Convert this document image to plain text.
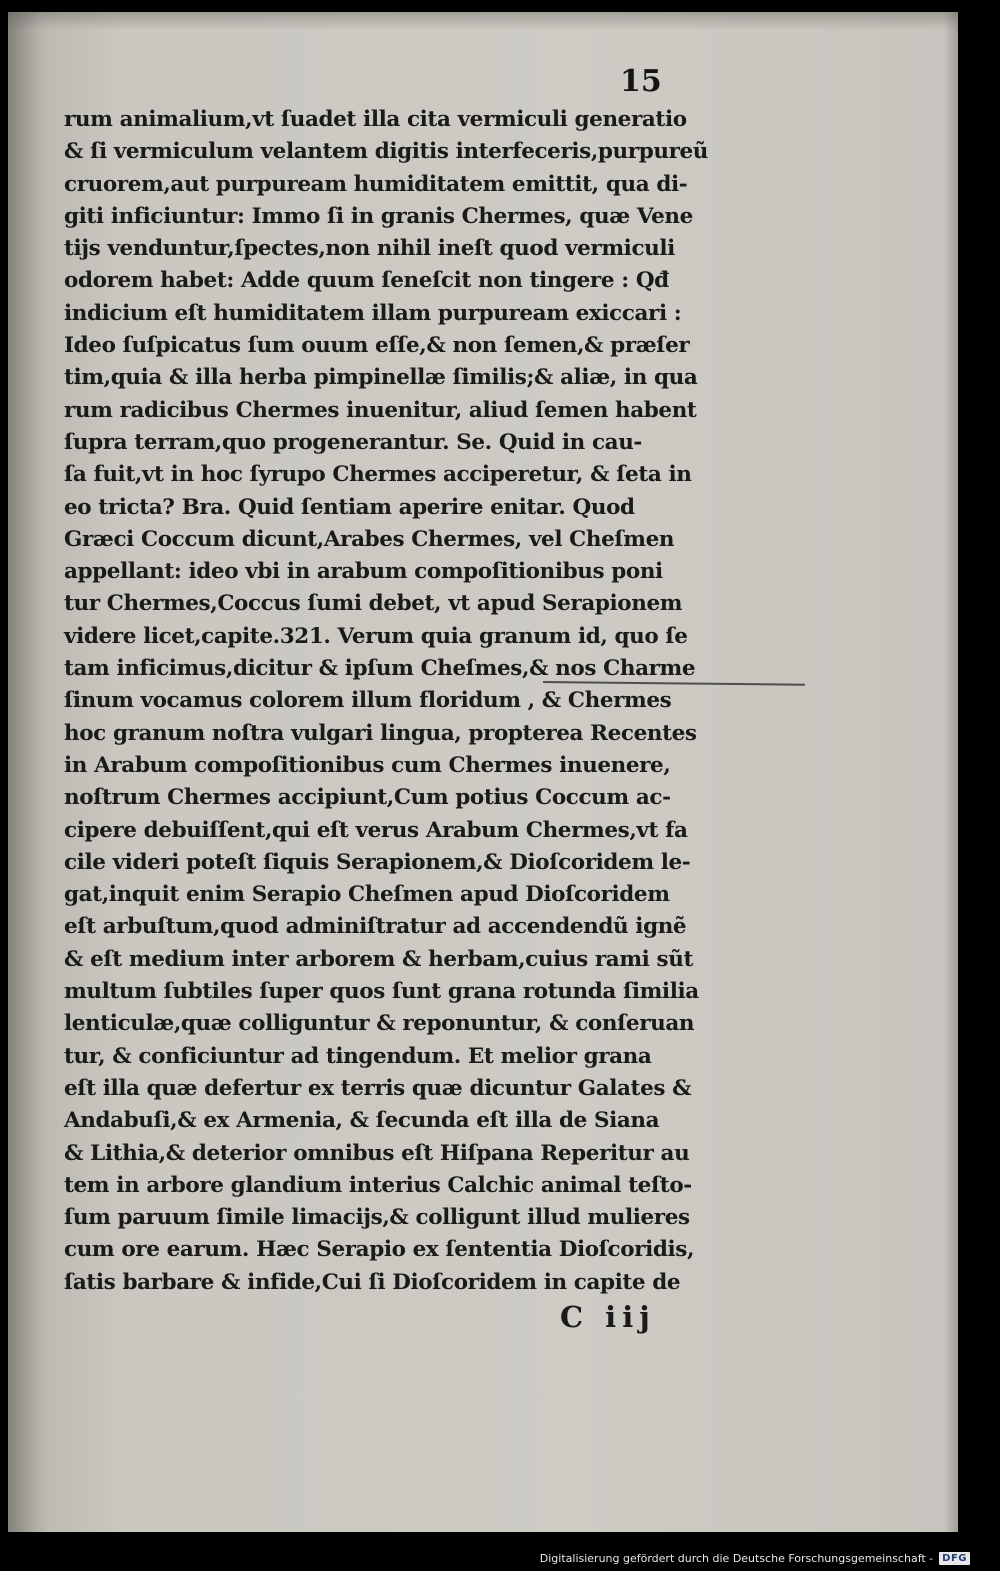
15
rum animalium,vt ſuadet illa cita vermiculi generatio
& ſi vermiculum velantem digitis interfeceris,purpureũ
cruorem,aut purpuream humiditatem emittit, qua di-
giti inficiuntur: Immo ſi in granis Chermes, quæ Vene
tijs venduntur,ſpectes,non nihil ineſt quod vermiculi
odorem habet: Adde quum ſeneſcit non tingere : Qđ
indicium eſt humiditatem illam purpuream exiccari :
Ideo ſuſpicatus ſum ouum eſſe,& non ſemen,& præſer
tim,quia & illa herba pimpinellæ ſimilis;& aliæ, in qua
rum radicibus Chermes inuenitur, aliud ſemen habent
ſupra terram,quo progenerantur. Se. Quid in cau-
ſa fuit,vt in hoc ſyrupo Chermes acciperetur, & ſeta in
eo tricta? Bra. Quid ſentiam aperire enitar. Quod
Græci Coccum dicunt,Arabes Chermes, vel Cheſmen
appellant: ideo vbi in arabum compoſitionibus poni
tur Chermes,Coccus ſumi debet, vt apud Serapionem
videre licet,capite.321. Verum quia granum id, quo ſe
tam inficimus,dicitur & ipſum Cheſmes,& nos Charme
ſinum vocamus colorem illum floridum , & Chermes
hoc granum noſtra vulgari lingua, propterea Recentes
in Arabum compoſitionibus cum Chermes inuenere,
noſtrum Chermes accipiunt,Cum potius Coccum ac-
cipere debuiſſent,qui eſt verus Arabum Chermes,vt fa
cile videri poteſt ſiquis Serapionem,& Dioſcoridem le-
gat,inquit enim Serapio Cheſmen apud Dioſcoridem
eſt arbuſtum,quod adminiſtratur ad accendendũ ignẽ
& eſt medium inter arborem & herbam,cuius rami sũt
multum ſubtiles ſuper quos ſunt grana rotunda ſimilia
lenticulæ,quæ colliguntur & reponuntur, & conſeruan
tur, & conficiuntur ad tingendum. Et melior grana
eſt illa quæ defertur ex terris quæ dicuntur Galates &
Andabuſi,& ex Armenia, & ſecunda eſt illa de Siana
& Lithia,& deterior omnibus eſt Hiſpana Reperitur au
tem in arbore glandium interius Calchic animal teſto-
ſum paruum ſimile limacijs,& colligunt illud mulieres
cum ore earum. Hæc Serapio ex ſententia Dioſcoridis,
ſatis barbare & infide,Cui ſi Dioſcoridem in capite de
C iij
Digitalisierung gefördert durch die Deutsche Forschungsgemeinschaft - DFG
